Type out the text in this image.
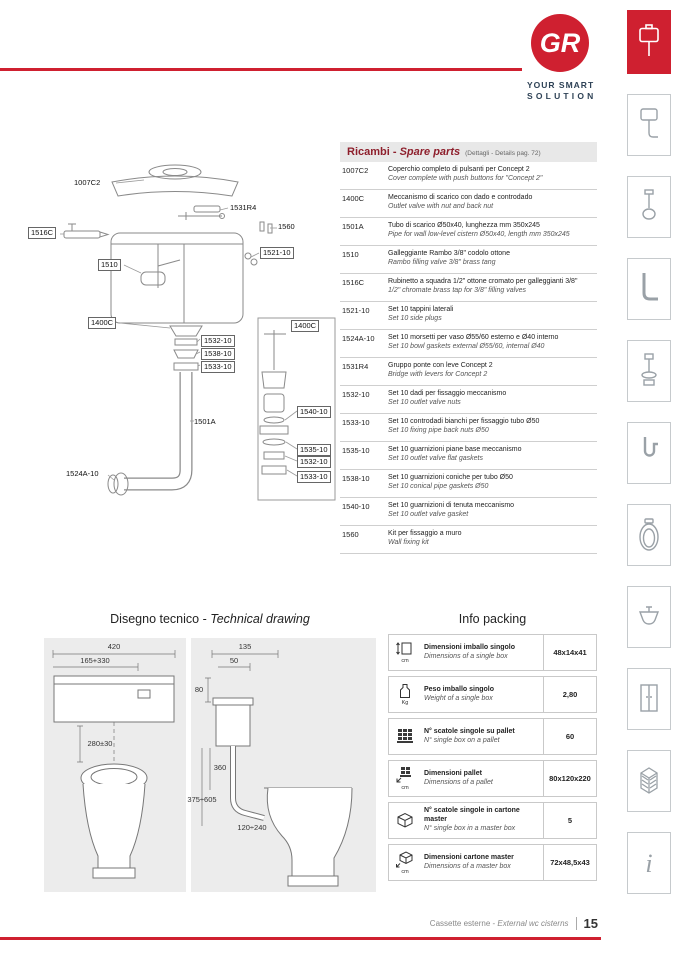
GR
®
YOUR SMART
SOLUTION
i
1007C2
1531R4
1560
1516C
1521-10
1510
1400C
1532-10
1538-10
1533-10
1501A
1524A-10
1400C
1540-10
1535-10
1532-10
1533-10
Ricambi - Spare parts (Dettagli - Details pag. 72)
1007C2	Coperchio completo di pulsanti per Concept 2
Cover complete with push buttons for "Concept 2"
1400C	Meccanismo di scarico con dado e controdado
Outlet valve with nut and back nut
1501A	Tubo di scarico Ø50x40, lunghezza mm 350x245
Pipe for wall low-level cistern Ø50x40, length mm 350x245
1510	Galleggiante Rambo 3/8" codolo ottone
Rambo filling valve 3/8" brass tang
1516C	Rubinetto a squadra 1/2" ottone cromato per galleggianti 3/8"
1/2" chromate brass tap for 3/8" filling valves
1521-10	Set 10 tappini laterali
Set 10 side plugs
1524A-10	Set 10 morsetti per vaso Ø55/60 esterno e Ø40 interno
Set 10 bowl gaskets external Ø55/60, internal Ø40
1531R4	Gruppo ponte con leve Concept 2
Bridge with levers for Concept 2
1532-10	Set 10 dadi per fissaggio meccanismo
Set 10 outlet valve nuts
1533-10	Set 10 controdadi bianchi per fissaggio tubo Ø50
Set 10 fixing pipe back nuts Ø50
1535-10	Set 10 guarnizioni piane base meccanismo
Set 10 outlet valve flat gaskets
1538-10	Set 10 guarnizioni coniche per tubo Ø50
Set 10 conical pipe gaskets Ø50
1540-10	Set 10 guarnizioni di tenuta meccanismo
Set 10 outlet valve gasket
1560	Kit per fissaggio a muro
Wall fixing kit
Disegno tecnico - Technical drawing
420
165+330
280±30
135
50
80
360
375÷605
120÷240
Info packing
cm
Dimensioni imballo singolo
Dimensions of a single box	48x14x41
Kg
Peso imballo singolo
Weight of a single box	2,80
N° scatole singole su pallet
N° single box on a pallet	60
cm
Dimensioni pallet
Dimensions of a pallet	80x120x220
N° scatole singole in cartone master
N° single box in a master box
5
cm
Dimensioni cartone master
Dimensions of a master box	72x48,5x43
Cassette esterne - External wc cisterns 15
